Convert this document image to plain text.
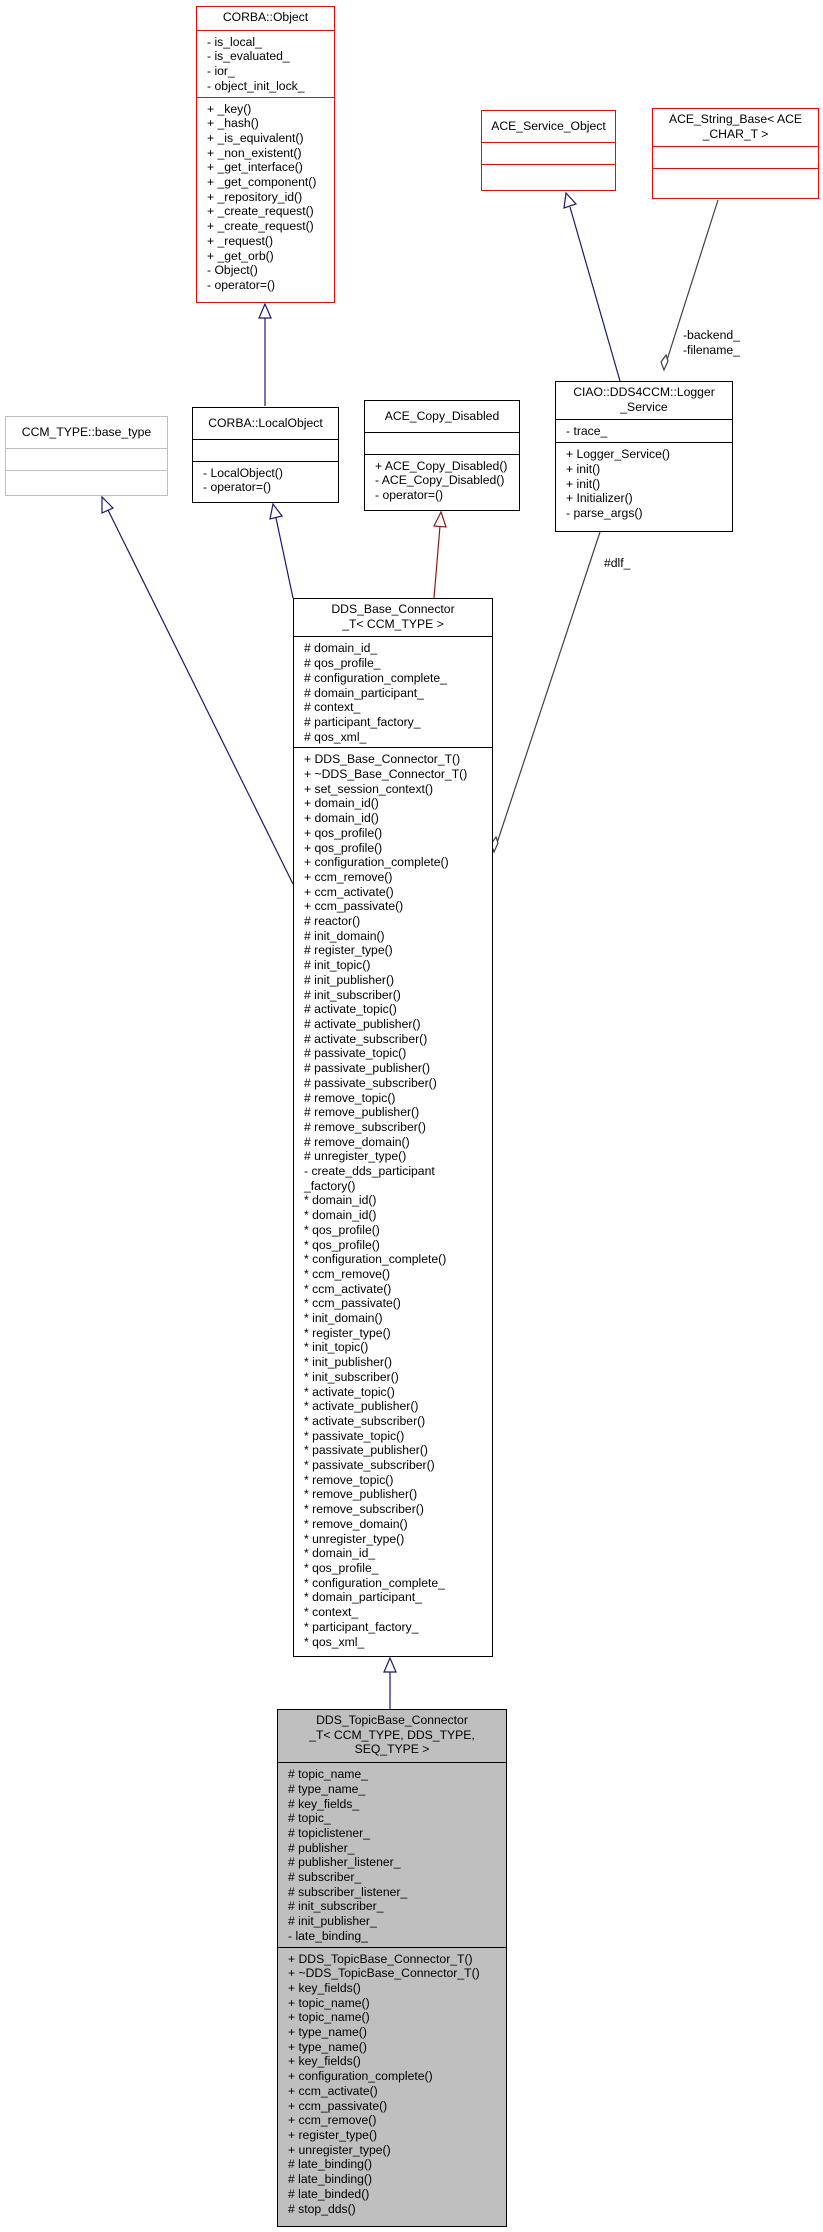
CORBA::Object
- is_local_
- is_evaluated_
- ior_
- object_init_lock_
+ _key()
+ _hash()
+ _is_equivalent()
+ _non_existent()
+ _get_interface()
+ _get_component()
+ _repository_id()
+ _create_request()
+ _create_request()
+ _request()
+ _get_orb()
- Object()
- operator=()
ACE_Service_Object	ACE_String_Base< ACE
_CHAR_T >
CCM_TYPE::base_type
CORBA::LocalObject
- LocalObject()
- operator=()
ACE_Copy_Disabled
+ ACE_Copy_Disabled()
- ACE_Copy_Disabled()
- operator=()
CIAO::DDS4CCM::Logger
_Service
- trace_
+ Logger_Service()
+ init()
+ init()
+ Initializer()
- parse_args()
DDS_Base_Connector
_T< CCM_TYPE >
# domain_id_
# qos_profile_
# configuration_complete_
# domain_participant_
# context_
# participant_factory_
# qos_xml_
+ DDS_Base_Connector_T()
+ ~DDS_Base_Connector_T()
+ set_session_context()
+ domain_id()
+ domain_id()
+ qos_profile()
+ qos_profile()
+ configuration_complete()
+ ccm_remove()
+ ccm_activate()
+ ccm_passivate()
# reactor()
# init_domain()
# register_type()
# init_topic()
# init_publisher()
# init_subscriber()
# activate_topic()
# activate_publisher()
# activate_subscriber()
# passivate_topic()
# passivate_publisher()
# passivate_subscriber()
# remove_topic()
# remove_publisher()
# remove_subscriber()
# remove_domain()
# unregister_type()
- create_dds_participant
_factory()
* domain_id()
* domain_id()
* qos_profile()
* qos_profile()
* configuration_complete()
* ccm_remove()
* ccm_activate()
* ccm_passivate()
* init_domain()
* register_type()
* init_topic()
* init_publisher()
* init_subscriber()
* activate_topic()
* activate_publisher()
* activate_subscriber()
* passivate_topic()
* passivate_publisher()
* passivate_subscriber()
* remove_topic()
* remove_publisher()
* remove_subscriber()
* remove_domain()
* unregister_type()
* domain_id_
* qos_profile_
* configuration_complete_
* domain_participant_
* context_
* participant_factory_
* qos_xml_
DDS_TopicBase_Connector
_T< CCM_TYPE, DDS_TYPE,
SEQ_TYPE >
# topic_name_
# type_name_
# key_fields_
# topic_
# topiclistener_
# publisher_
# publisher_listener_
# subscriber_
# subscriber_listener_
# init_subscriber_
# init_publisher_
- late_binding_
+ DDS_TopicBase_Connector_T()
+ ~DDS_TopicBase_Connector_T()
+ key_fields()
+ topic_name()
+ topic_name()
+ type_name()
+ type_name()
+ key_fields()
+ configuration_complete()
+ ccm_activate()
+ ccm_passivate()
+ ccm_remove()
+ register_type()
+ unregister_type()
# late_binding()
# late_binding()
# late_binded()
# stop_dds()
-backend_
-filename_
#dlf_
